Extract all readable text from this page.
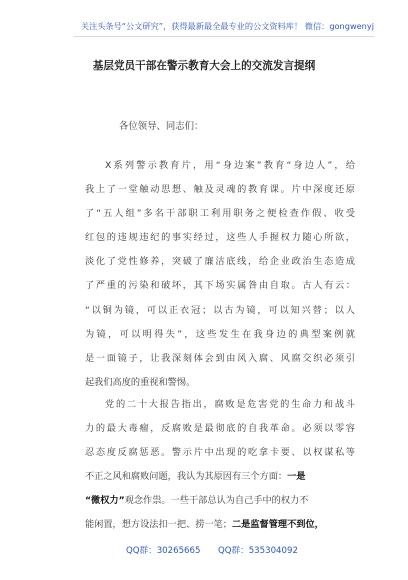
关注头条号“公文研究”，获得最新最全最专业的公文资料库！ 微信：gongwenyj
基层党员干部在警示教育大会上的交流发言提纲
各位领导、同志们：
X系列警示教育片，用“身边案”教育“身边人”，给
我上了一堂触动思想、触及灵魂的教育课。片中深度还原
了“五人组”多名干部职工利用职务之便检查作假、收受
红包的违规违纪的事实经过，这些人手握权力随心所欲，
淡化了党性修养，突破了廉洁底线，给企业政治生态造成
了严重的污染和破坏，其下场实属咎由自取。古人有云：
“以铜为镜，可以正衣冠；以古为镜，可以知兴替；以人
为镜，可以明得失”，这些发生在我身边的典型案例就
是一面镜子，让我深刻体会到由风入腐、风腐交织必须引
起我们高度的重视和警惕。
党的二十大报告指出，腐败是危害党的生命力和战斗
力的最大毒瘤，反腐败是最彻底的自我革命。必须以零容
忍态度反腐惩恶。警示片中出现的吃拿卡要、以权谋私等
不正之风和腐败问题，我认为其原因有三个方面：一是
“微权力”观念作祟。一些干部总认为自己手中的权力不
能闲置，想方设法扣一把、捞一笔；二是监督管理不到位，
QQ群：30265665 QQ群：535304092
